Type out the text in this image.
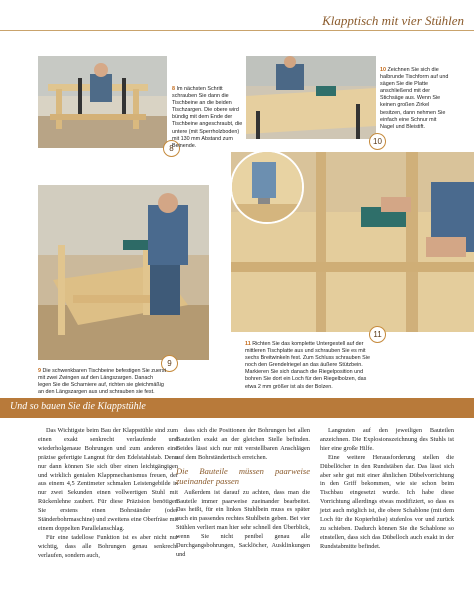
Klapptisch mit vier Stühlen
8
8 Im nächsten Schritt schrauben Sie dann die Tischbeine an die beiden Tischzargen. Die obere wird bündig mit dem Ende der Tischbeine angeschraubt, die untere (mit Sperrholzboden) mit 130 mm Abstand zum Beinende.	10
10 Zeichnen Sie sich die halbrunde Tischform auf und sägen Sie die Platte anschließend mit der Stichsäge aus. Wenn Sie keinen großen Zirkel besitzen, dann nehmen Sie einfach eine Schnur mit Nagel und Bleistift.
9
9 Die schwenkbaren Tischbeine befestigen Sie zuerst mit zwei Zwingen auf den Längszargen. Danach legen Sie die Scharniere auf, richten sie gleichmäßig an den Längszargen aus und schrauben sie fest.
11
11 Richten Sie das komplette Untergestell auf der mittleren Tischplatte aus und schrauben Sie es mit sechs Breitwinkeln fest. Zum Schluss schrauben Sie noch den Grendelriegel an das äußere Stützbein. Markieren Sie sich danach die Riegelposition und bohren Sie dort ein Loch für den Riegelbolzen, das etwa 2 mm größer ist als der Bolzen.
Und so bauen Sie die Klappstühle

Das Wichtigste beim Bau der Klappstühle sind zum einen exakt senkrecht verlaufende und wiederholgenaue Bohrungen und zum anderen eine präzise gefertigte Langnut für den Edelstahlstab. Denn nur dann können Sie sich über einen leichtgängigen und wirklich genialen Klappmechanismus freuen, der aus einem 4,5 Zentimeter schmalen Leistengebilde in nur zwei Sekunden einen vollwertigen Stuhl mit Rückenlehne zaubert. Für diese Präzision benötigen Sie erstens einen Bohrständer (oder Ständerbohrmaschine) und zweitens eine Oberfräse mit einem doppelten Parallelanschlag.

Für eine tadellose Funktion ist es aber nicht nur wichtig, dass alle Bohrungen genau senkrecht verlaufen, sondern auch,

dass sich die Positionen der Bohrungen bei allen Bauteilen exakt an der gleichen Stelle befinden. Beides lässt sich nur mit verstellbaren Anschlägen auf dem Bohrständertisch erreichen.

Die Bauteile müssen paarweise zueinander passen

Außerdem ist darauf zu achten, dass man die Bauteile immer paarweise zueinander bearbeitet. Das heißt, für ein linkes Stuhlbein muss es später auch ein passendes rechtes Stuhlbein geben. Bei vier Stühlen verliert man hier sehr schnell den Überblick, wenn Sie nicht penibel genau alle Durchgangsbohrungen, Sacklöcher, Ausklinkungen und

Langnuten auf den jeweiligen Bauteilen anzeichnen. Die Explosionszeichnung des Stuhls ist hier eine große Hilfe.

Eine weitere Herausforderung stellen die Dübellöcher in den Rundstäben dar. Das lässt sich aber sehr gut mit einer ähnlichen Dübelvorrichtung in den Griff bekommen, wie sie schon beim Tischbau eingesetzt wurde. Ich habe diese Vorrichtung allerdings etwas modifiziert, so dass es jetzt auch möglich ist, die obere Schablone (mit dem Loch für die Kopierhülse) stufenlos vor und zurück zu schieben. Dadurch können Sie die Schablone so einstellen, dass sich das Dübelloch auch exakt in der Rundstabmitte befindet.
